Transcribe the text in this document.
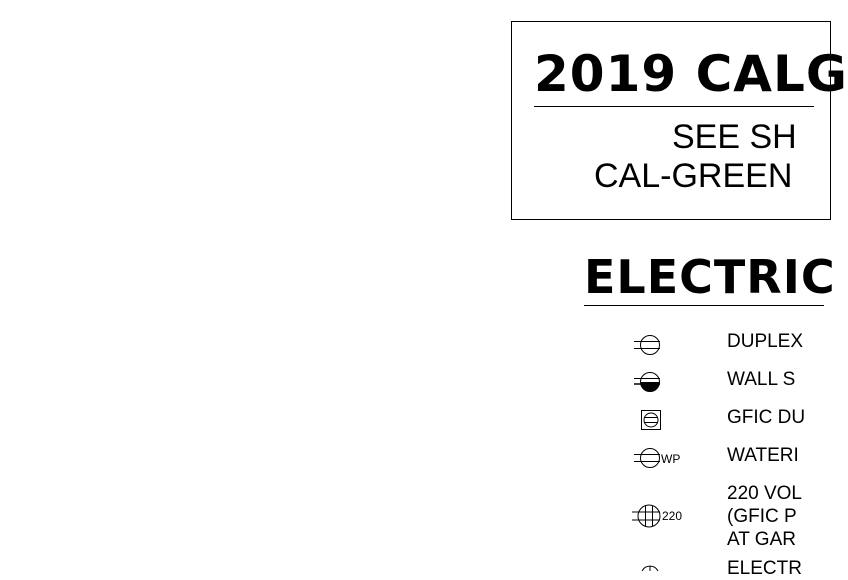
2019 CALG
SEE SH
CAL-GREEN
ELECTRIC
DUPLEX
WALL S
GFIC DU
WP WATERI
220
220 VOL
(GFIC P
AT GAR
ELECTR
